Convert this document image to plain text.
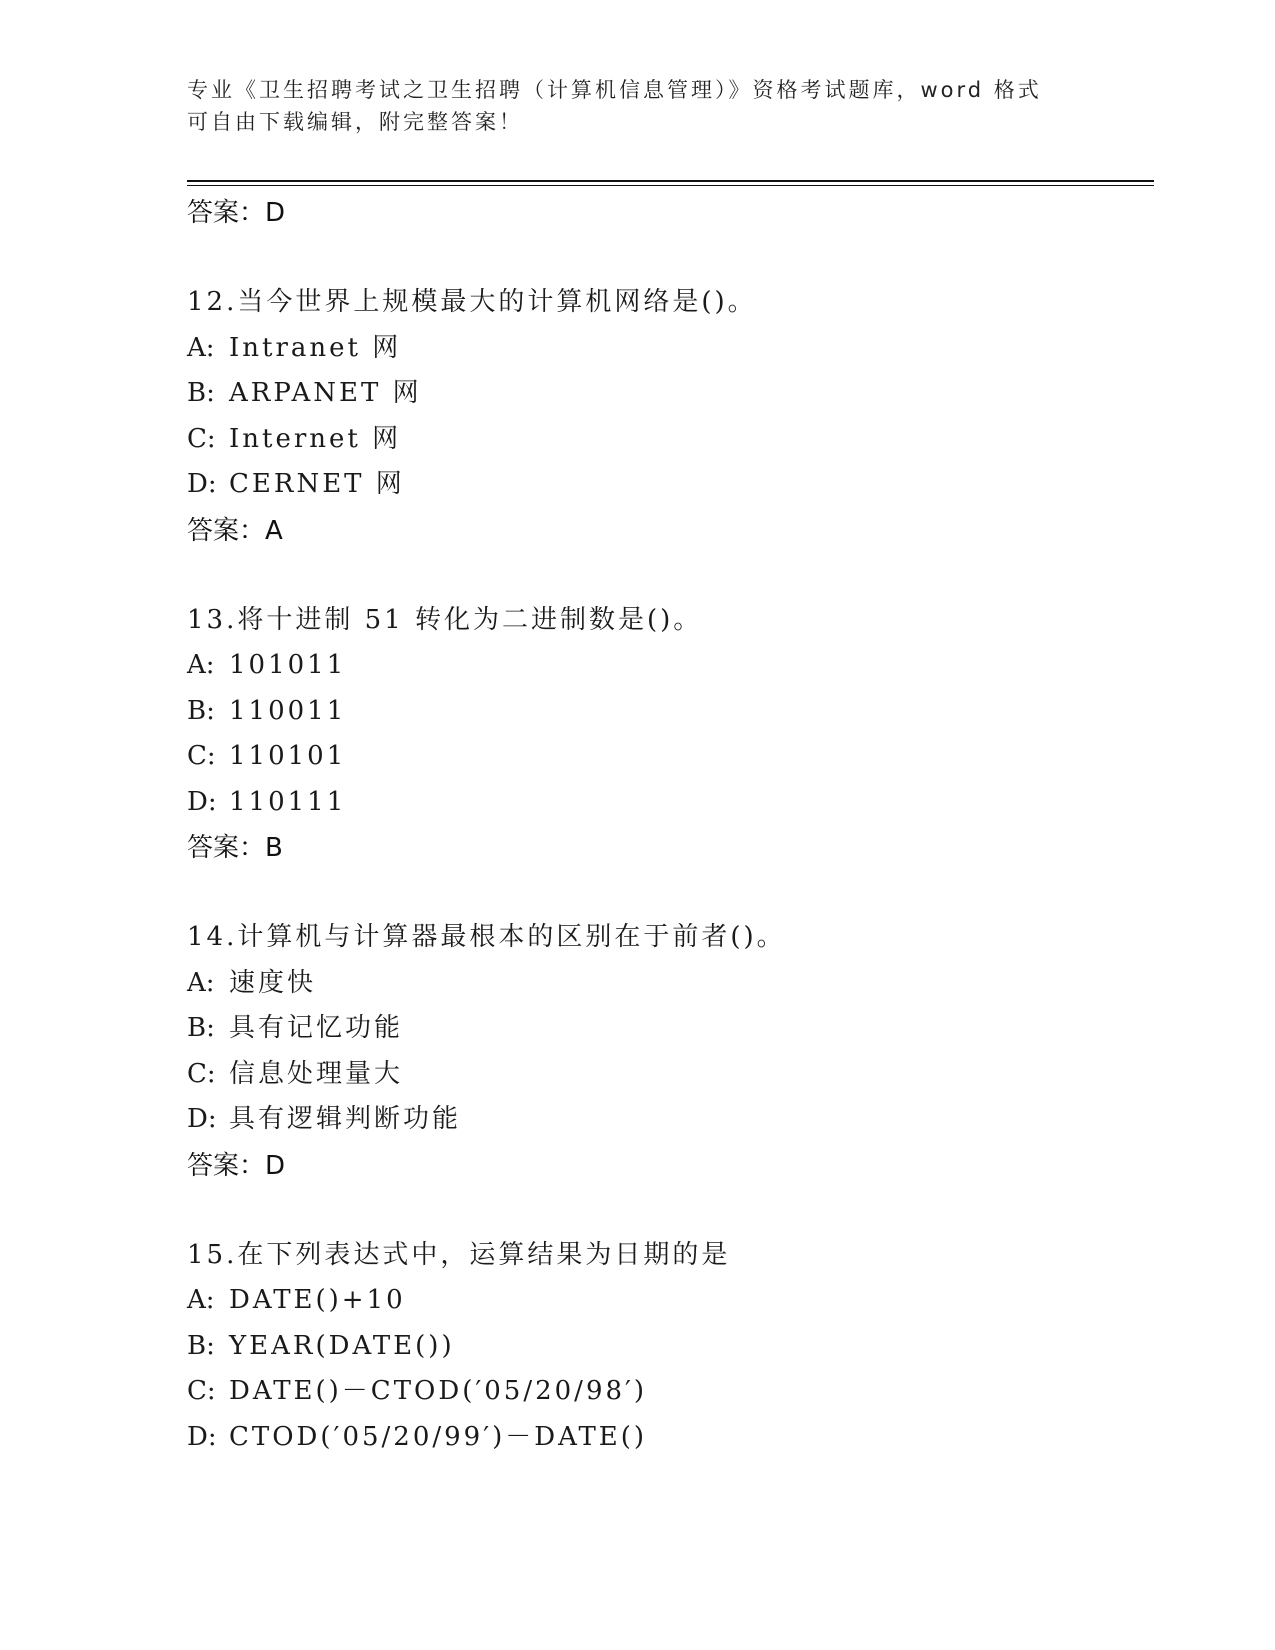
专业《卫生招聘考试之卫生招聘（计算机信息管理）》资格考试题库，word 格式
可自由下载编辑，附完整答案！
答案：D
12.当今世界上规模最大的计算机网络是()。
A: Intranet 网
B: ARPANET 网
C: Internet 网
D: CERNET 网
答案：A
13.将十进制 51 转化为二进制数是()。
A: 101011
B: 110011
C: 110101
D: 110111
答案：B
14.计算机与计算器最根本的区别在于前者()。
A: 速度快
B: 具有记忆功能
C: 信息处理量大
D: 具有逻辑判断功能
答案：D
15.在下列表达式中，运算结果为日期的是
A: DATE()+10
B: YEAR(DATE())
C: DATE()－CTOD(′05/20/98′)
D: CTOD(′05/20/99′)－DATE()
